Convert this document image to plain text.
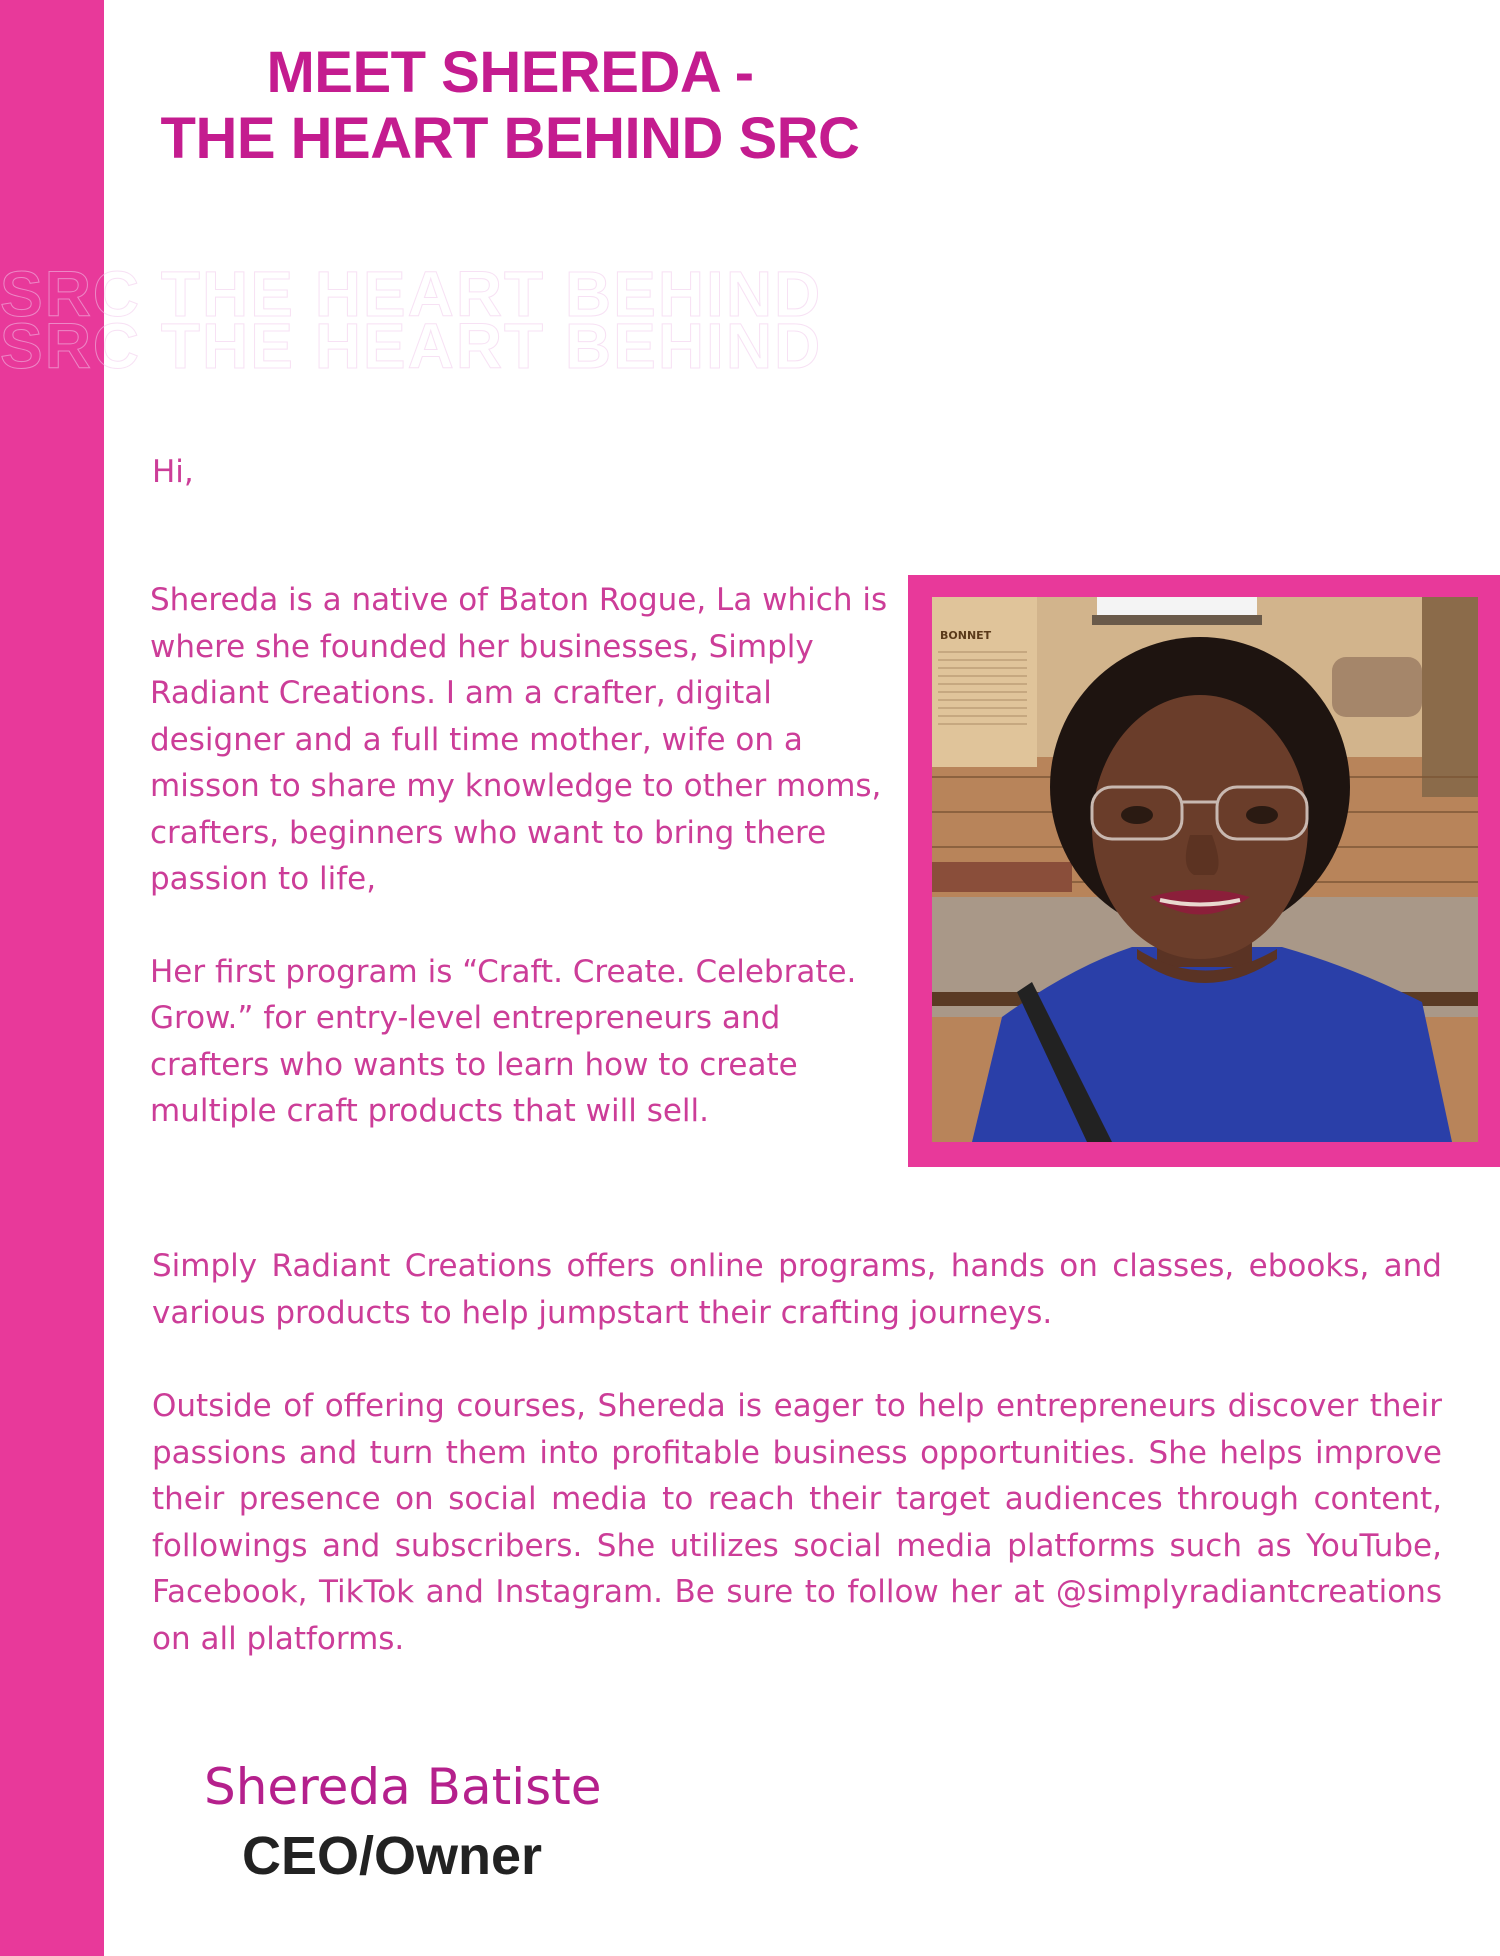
MEET SHEREDA -
THE HEART BEHIND SRC
SRC THE HEART BEHIND
SRC THE HEART BEHIND
Hi,

Shereda is a native of Baton Rogue, La which is where she founded her businesses, Simply Radiant Creations. I am a crafter, digital designer and a full time mother, wife on a misson to share my knowledge to other moms, crafters, beginners who want to bring there passion to life,

Her first program is “Craft. Create. Celebrate. Grow.” for entry-level entrepreneurs and crafters who wants to learn how to create multiple craft products that will sell.

BONNET

Simply Radiant Creations offers online programs, hands on classes, ebooks, and various products to help jumpstart their crafting journeys.

Outside of offering courses, Shereda is eager to help entrepreneurs discover their passions and turn them into profitable business opportunities. She helps improve their presence on social media to reach their target audiences through content, followings and subscribers. She utilizes social media platforms such as YouTube, Facebook, TikTok and Instagram. Be sure to follow her at @simplyradiantcreations on all platforms.

Shereda Batiste
CEO/Owner
